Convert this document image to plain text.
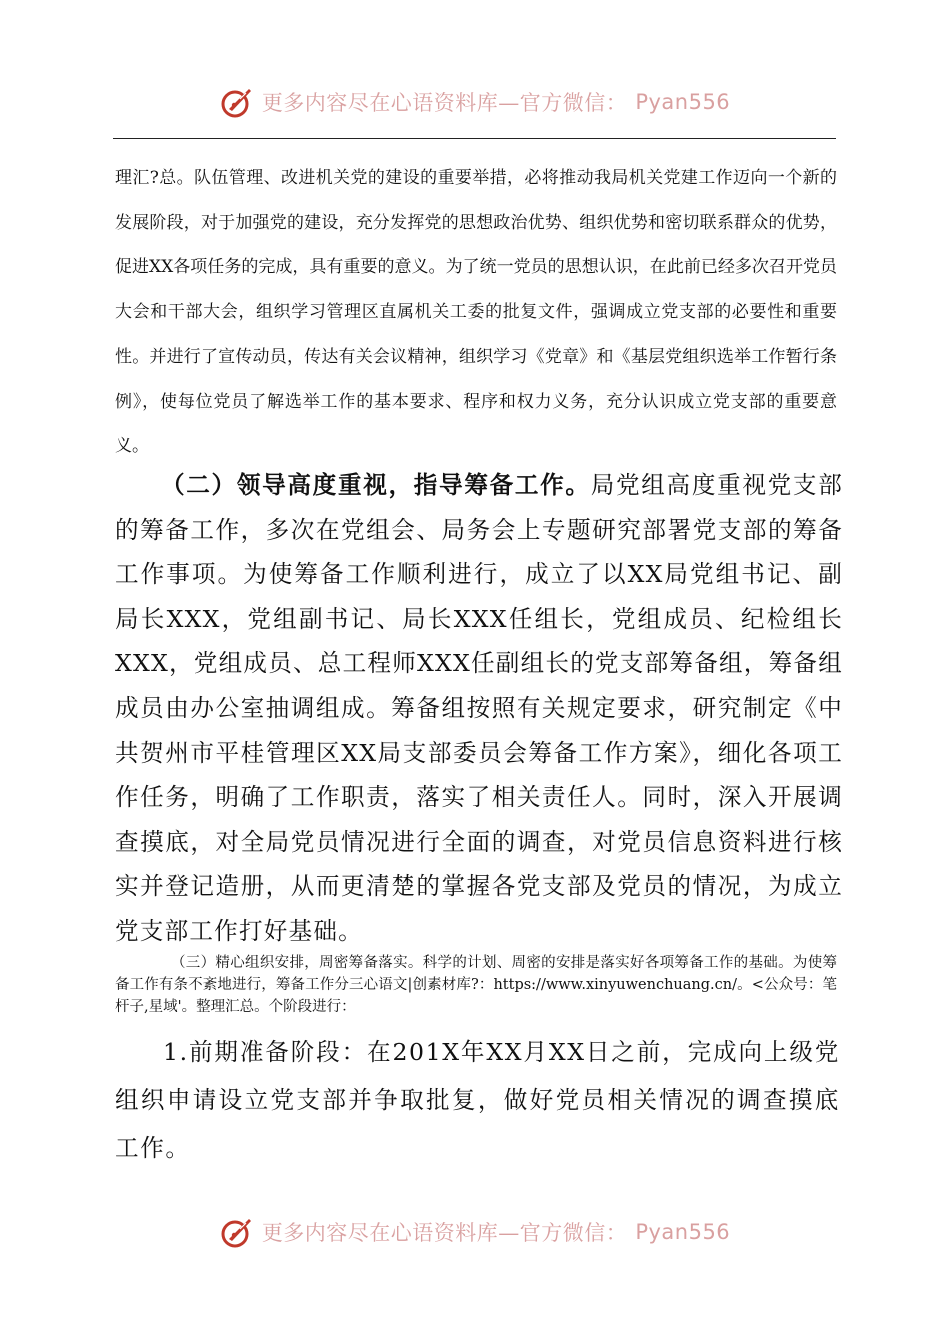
更多内容尽在心语资料库—官方微信： Pyan556

理汇?总。队伍管理、改进机关党的建设的重要举措，必将推动我局机关党建工作迈向一个新的发展阶段，对于加强党的建设，充分发挥党的思想政治优势、组织优势和密切联系群众的优势，促进XX各项任务的完成，具有重要的意义。为了统一党员的思想认识，在此前已经多次召开党员大会和干部大会，组织学习管理区直属机关工委的批复文件，强调成立党支部的必要性和重要性。并进行了宣传动员，传达有关会议精神，组织学习《党章》和《基层党组织选举工作暂行条例》，使每位党员了解选举工作的基本要求、程序和权力义务，充分认识成立党支部的重要意义。

（二）领导高度重视，指导筹备工作。局党组高度重视党支部的筹备工作，多次在党组会、局务会上专题研究部署党支部的筹备工作事项。为使筹备工作顺利进行，成立了以XX局党组书记、副局长XXX，党组副书记、局长XXX任组长，党组成员、纪检组长XXX，党组成员、总工程师XXX任副组长的党支部筹备组，筹备组成员由办公室抽调组成。筹备组按照有关规定要求，研究制定《中共贺州市平桂管理区XX局支部委员会筹备工作方案》，细化各项工作任务，明确了工作职责，落实了相关责任人。同时，深入开展调查摸底，对全局党员情况进行全面的调查，对党员信息资料进行核实并登记造册，从而更清楚的掌握各党支部及党员的情况，为成立党支部工作打好基础。

（三）精心组织安排，周密筹备落实。科学的计划、周密的安排是落实好各项筹备工作的基础。为使筹备工作有条不紊地进行，筹备工作分三心语文|创素材库?：https://www.xinyuwenchuang.cn/。<公众号：笔杆子,星域'。整理汇总。个阶段进行：

1.前期准备阶段：在201X年XX月XX日之前，完成向上级党组织申请设立党支部并争取批复，做好党员相关情况的调查摸底工作。

更多内容尽在心语资料库—官方微信： Pyan556
